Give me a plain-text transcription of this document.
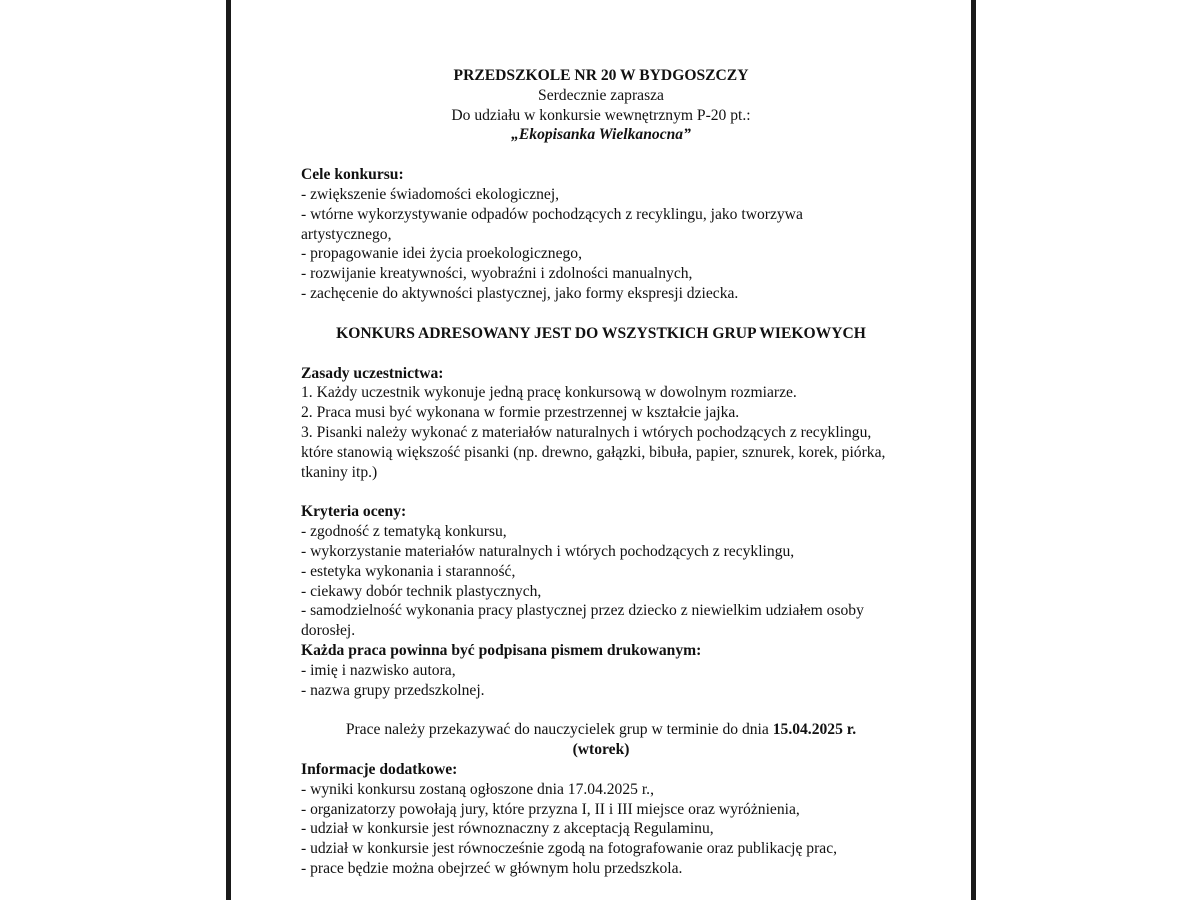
PRZEDSZKOLE NR 20 W BYDGOSZCZY
Serdecznie zaprasza
Do udziału w konkursie wewnętrznym P-20 pt.:
„Ekopisanka Wielkanocna”
Cele konkursu:
- zwiększenie świadomości ekologicznej,
- wtórne wykorzystywanie odpadów pochodzących z recyklingu, jako tworzywa artystycznego,
- propagowanie idei życia proekologicznego,
- rozwijanie kreatywności, wyobraźni i zdolności manualnych,
- zachęcenie do aktywności plastycznej, jako formy ekspresji dziecka.
KONKURS ADRESOWANY JEST DO WSZYSTKICH GRUP WIEKOWYCH
Zasady uczestnictwa:
1. Każdy uczestnik wykonuje jedną pracę konkursową w dowolnym rozmiarze.
2. Praca musi być wykonana w formie przestrzennej w kształcie jajka.
3. Pisanki należy wykonać z materiałów naturalnych i wtórych pochodzących z recyklingu, które stanowią większość pisanki (np. drewno, gałązki, bibuła, papier, sznurek, korek, piórka, tkaniny itp.)
Kryteria oceny:
- zgodność z tematyką konkursu,
- wykorzystanie materiałów naturalnych i wtórych pochodzących z recyklingu,
- estetyka wykonania i staranność,
- ciekawy dobór technik plastycznych,
- samodzielność wykonania pracy plastycznej przez dziecko z niewielkim udziałem osoby dorosłej.
Każda praca powinna być podpisana pismem drukowanym:
- imię i nazwisko autora,
- nazwa grupy przedszkolnej.
Prace należy przekazywać do nauczycielek grup w terminie do dnia 15.04.2025 r.
(wtorek)
Informacje dodatkowe:
- wyniki konkursu zostaną ogłoszone dnia 17.04.2025 r.,
- organizatorzy powołają jury, które przyzna I, II i III miejsce oraz wyróżnienia,
- udział w konkursie jest równoznaczny z akceptacją Regulaminu,
- udział w konkursie jest równocześnie zgodą na fotografowanie oraz publikację prac,
- prace będzie można obejrzeć w głównym holu przedszkola.
